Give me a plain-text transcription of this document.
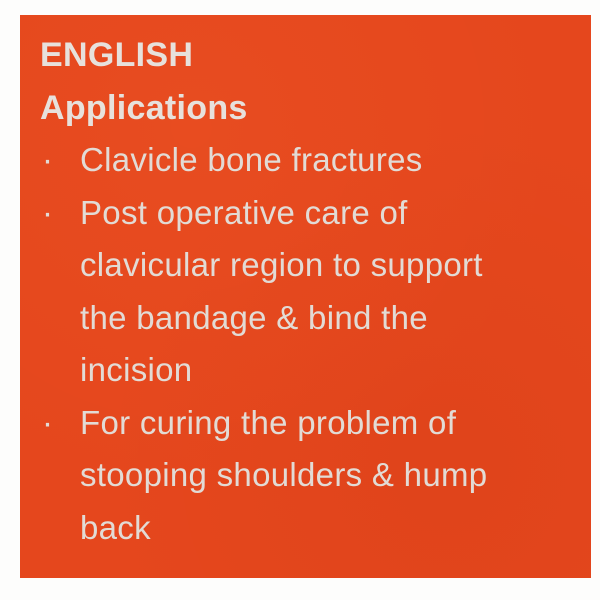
ENGLISH
Applications
· Clavicle bone fractures
· Post operative care of
clavicular region to support
the bandage & bind the
incision
· For curing the problem of
stooping shoulders & hump
back
